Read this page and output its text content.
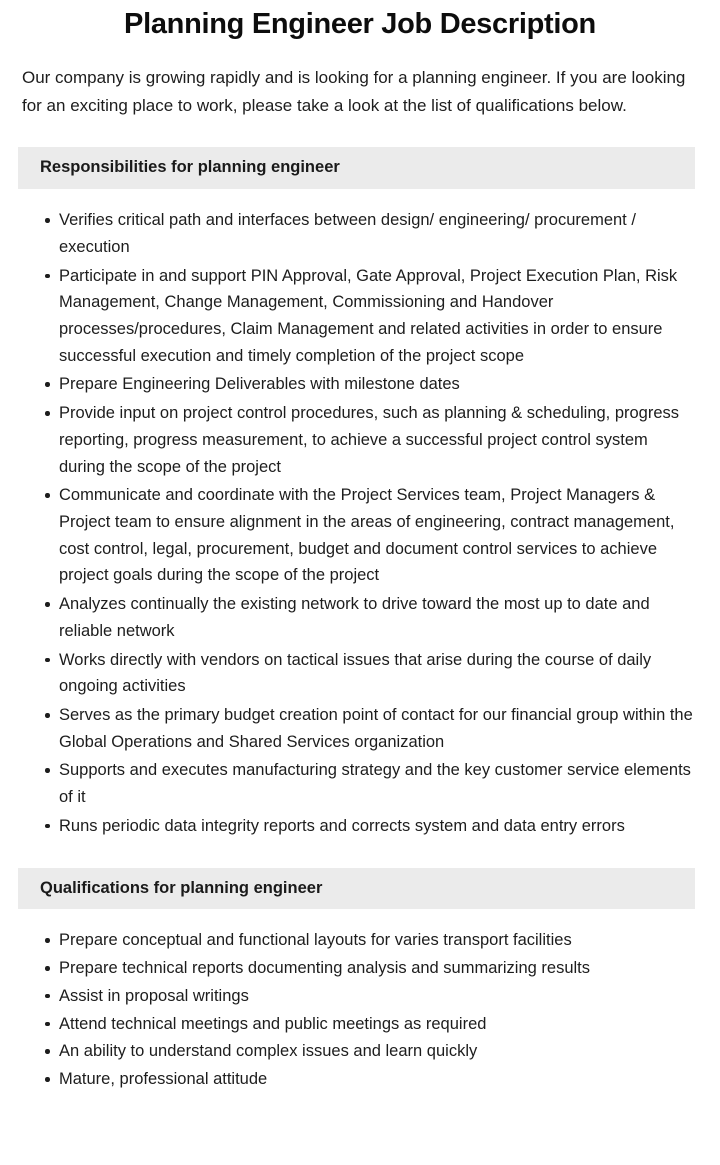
Planning Engineer Job Description

Our company is growing rapidly and is looking for a planning engineer. If you are looking for an exciting place to work, please take a look at the list of qualifications below.

Responsibilities for planning engineer
Verifies critical path and interfaces between design/ engineering/ procurement / execution
Participate in and support PIN Approval, Gate Approval, Project Execution Plan, Risk Management, Change Management, Commissioning and Handover processes/procedures, Claim Management and related activities in order to ensure successful execution and timely completion of the project scope
Prepare Engineering Deliverables with milestone dates
Provide input on project control procedures, such as planning & scheduling, progress reporting, progress measurement, to achieve a successful project control system during the scope of the project
Communicate and coordinate with the Project Services team, Project Managers & Project team to ensure alignment in the areas of engineering, contract management, cost control, legal, procurement, budget and document control services to achieve project goals during the scope of the project
Analyzes continually the existing network to drive toward the most up to date and reliable network
Works directly with vendors on tactical issues that arise during the course of daily ongoing activities
Serves as the primary budget creation point of contact for our financial group within the Global Operations and Shared Services organization
Supports and executes manufacturing strategy and the key customer service elements of it
Runs periodic data integrity reports and corrects system and data entry errors
Qualifications for planning engineer
Prepare conceptual and functional layouts for varies transport facilities
Prepare technical reports documenting analysis and summarizing results
Assist in proposal writings
Attend technical meetings and public meetings as required
An ability to understand complex issues and learn quickly
Mature, professional attitude
